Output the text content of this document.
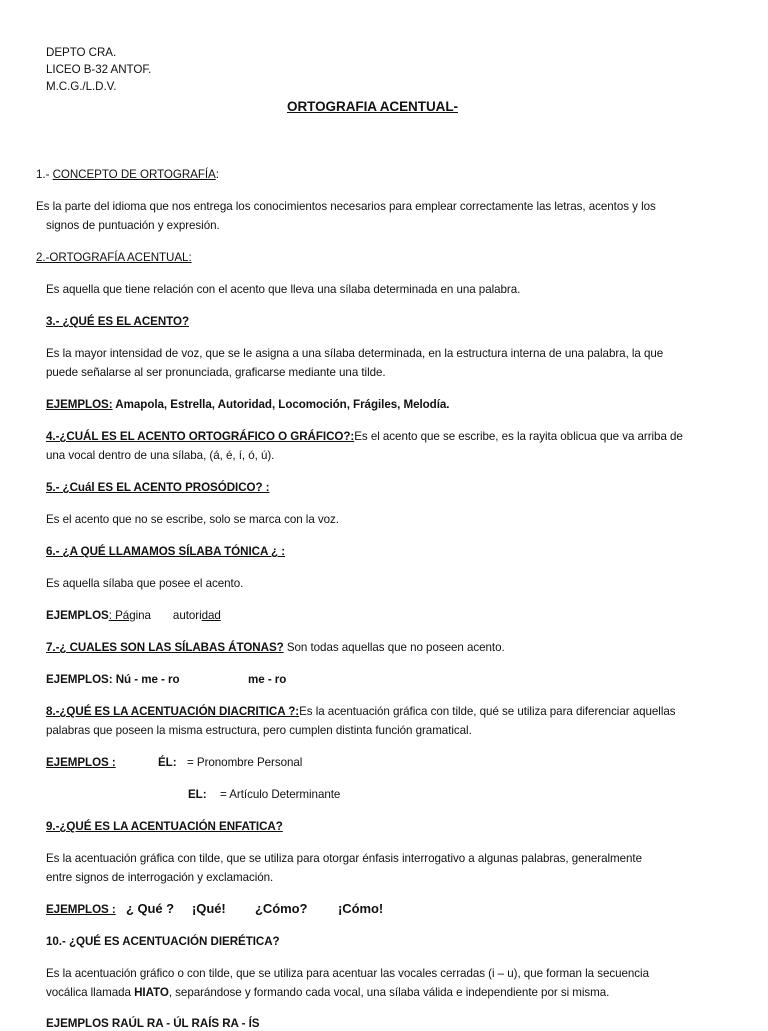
DEPTO CRA.
LICEO B-32 ANTOF.
M.C.G./L.D.V.
ORTOGRAFIA ACENTUAL-
1.- CONCEPTO DE ORTOGRAFÍA:
Es la parte del idioma que nos entrega los conocimientos necesarios para emplear correctamente las letras, acentos y los
signos de puntuación y expresión.
2.-ORTOGRAFÍA ACENTUAL:
Es aquella que tiene relación con el acento que lleva una sílaba determinada en una palabra.
3.- ¿QUÉ ES EL ACENTO?
Es la mayor intensidad de voz, que se le asigna a una sílaba determinada, en la estructura interna de una palabra, la que
puede señalarse al ser pronunciada, graficarse mediante una tilde.
EJEMPLOS: Amapola, Estrella, Autoridad, Locomoción, Frágiles, Melodía.
4.-¿CUÁL ES EL ACENTO ORTOGRÁFICO O GRÁFICO?:Es el acento que se escribe, es la rayita oblicua que va arriba de
una vocal dentro de una sílaba, (á, é, í, ó, ú).
5.- ¿Cuál ES EL ACENTO PROSÓDICO? :
Es el acento que no se escribe, solo se marca con la voz.
6.- ¿A QUÉ LLAMAMOS SÍLABA TÓNICA ¿ :
Es aquella sílaba que posee el acento.
EJEMPLOS: Página autoridad
7.-¿ CUALES SON LAS SÍLABAS ÁTONAS? Son todas aquellas que no poseen acento.
EJEMPLOS: Nú - me - ro	me - ro
8.-¿QUÉ ES LA ACENTUACIÓN DIACRITICA ?:Es la acentuación gráfica con tilde, qué se utiliza para diferenciar aquellas
palabras que poseen la misma estructura, pero cumplen distinta función gramatical.
EJEMPLOS :	ÉL: = Pronombre Personal
EL: = Artículo Determinante
9.-¿QUÉ ES LA ACENTUACIÓN ENFATICA?
Es la acentuación gráfica con tilde, que se utiliza para otorgar énfasis interrogativo a algunas palabras, generalmente
entre signos de interrogación y exclamación.
EJEMPLOS : ¿ Qué ? ¡Qué! ¿Cómo? ¡Cómo!
10.- ¿QUÉ ES ACENTUACIÓN DIERÉTICA?
Es la acentuación gráfico o con tilde, que se utiliza para acentuar las vocales cerradas (i – u), que forman la secuencia
vocálica llamada HIATO, separándose y formando cada vocal, una sílaba válida e independiente por si misma.
EJEMPLOS RAÚL RA - ÚL RAÍS RA - ÍS
